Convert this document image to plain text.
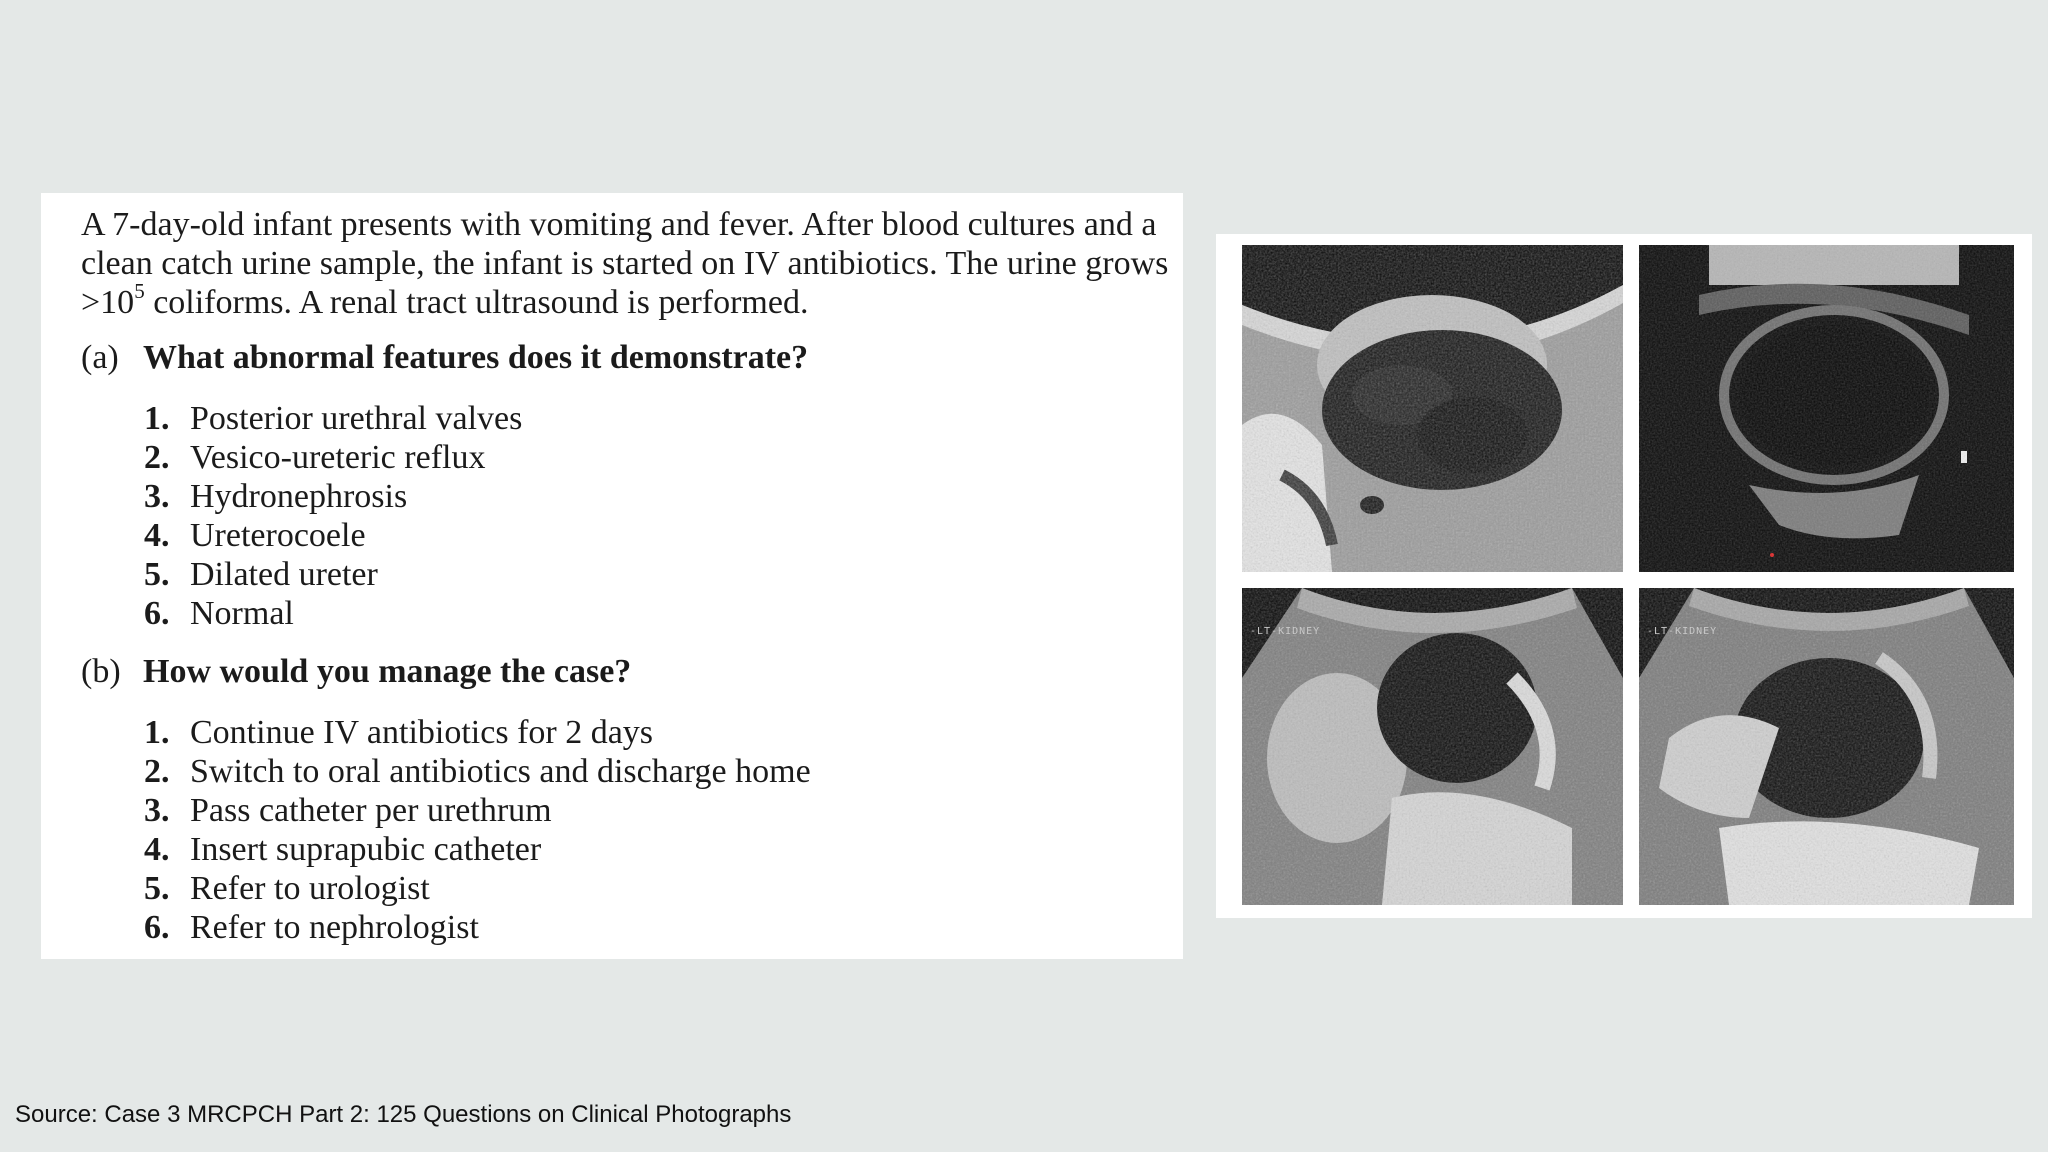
A 7-day-old infant presents with vomiting and fever. After blood cultures and a clean catch urine sample, the infant is started on IV antibiotics. The urine grows $>10^5$ coliforms. A renal tract ultrasound is performed.

(a) What abnormal features does it demonstrate?

1. Posterior urethral valves
2. Vesico-ureteric reflux
3. Hydronephrosis
4. Ureterocoele
5. Dilated ureter
6. Normal

(b) How would you manage the case?

1. Continue IV antibiotics for 2 days
2. Switch to oral antibiotics and discharge home
3. Pass catheter per urethrum
4. Insert suprapubic catheter
5. Refer to urologist
6. Refer to nephrologist
-LT-KIDNEY	-LT-KIDNEY

Source: Case 3 MRCPCH Part 2: 125 Questions on Clinical Photographs
